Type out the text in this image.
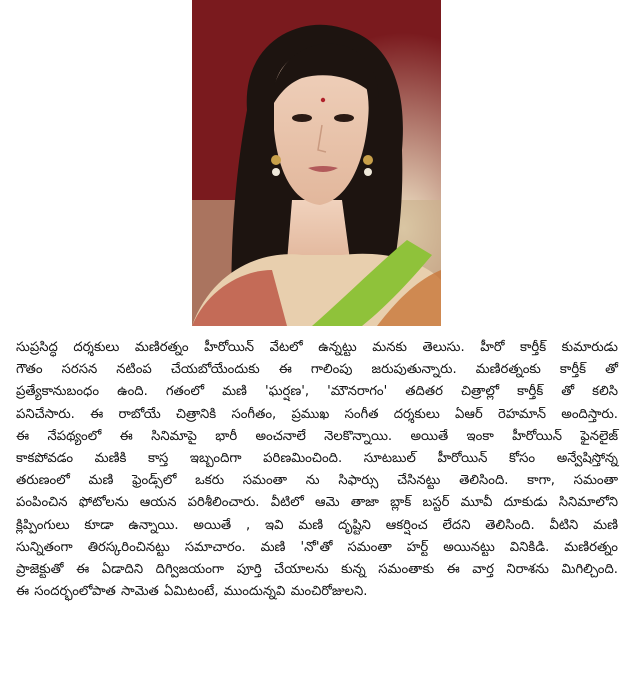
సుప్రసిద్ధ దర్శకులు మణిరత్నం హీరోయిన్ వేటలో ఉన్నట్టు మనకు తెలుసు. హీరో కార్తీక్ కుమారుడు

గౌతం సరసన నటింప చేయబోయేందుకు ఈ గాలింపు జరుపుతున్నారు. మణిరత్నంకు కార్తీక్ తో

ప్రత్యేకానుబంధం ఉంది. గతంలో మణి 'ఘర్షణ', 'మౌనరాగం' తదితర చిత్రాల్లో కార్తీక్ తో కలిసి

పనిచేసారు. ఈ రాబోయే చిత్రానికి సంగీతం, ప్రముఖ సంగీత దర్శకులు ఏఆర్ రెహమాన్ అందిస్తారు.

ఈ నేపథ్యంలో ఈ సినిమాపై భారీ అంచనాలే నెలకొన్నాయి. అయితే ఇంకా హీరోయిన్ ఫైనలైజ్

కాకపోవడం మణికి కాస్త ఇబ్బందిగా పరిణమించింది. సూటబుల్ హీరోయిన్ కోసం అన్వేషిస్తోన్న

తరుణంలో మణి ఫ్రెండ్స్‌లో ఒకరు సమంతా ను సిఫార్సు చేసినట్టు తెలిసింది. కాగా, సమంతా

పంపించిన ఫోటోలను ఆయన పరిశీలించారు. వీటిలో ఆమె తాజా బ్లాక్ బస్టర్ మూవీ దూకుడు సినిమాలోని

క్లిప్పింగులు కూడా ఉన్నాయి. అయితే , ఇవి మణి దృష్టిని ఆకర్షించ లేదని తెలిసింది. వీటిని మణి

సున్నితంగా తిరస్కరించినట్టు సమాచారం. మణి 'నో'తో సమంతా హర్ట్ అయినట్టు వినికిడి. మణిరత్నం

ప్రాజెక్టుతో ఈ ఏడాదిని దిగ్విజయంగా పూర్తి చేయాలను కున్న సమంతాకు ఈ వార్త నిరాశను మిగిల్చింది.

ఈ సందర్భంలోపాత సామెత ఏమిటంటే, ముందున్నవి మంచిరోజులని.
